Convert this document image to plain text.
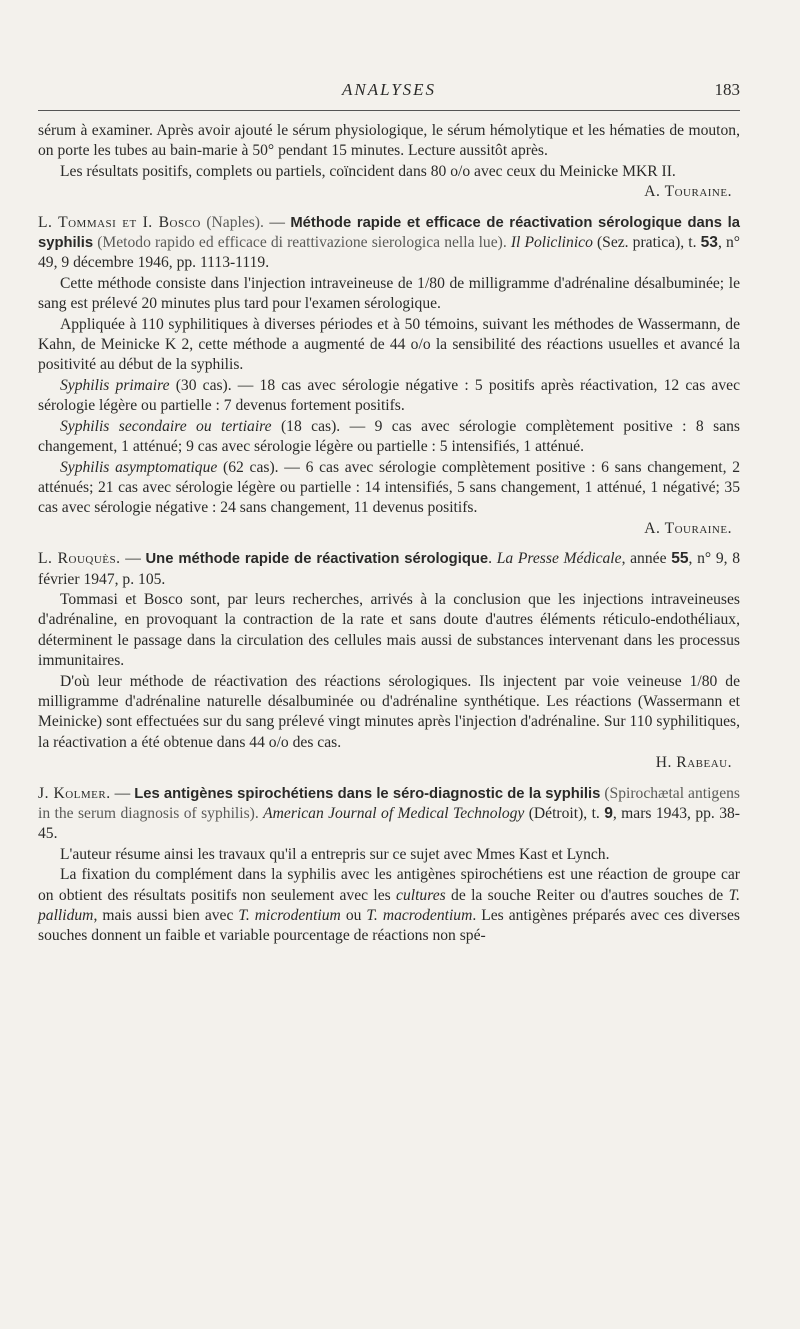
ANALYSES	183

sérum à examiner. Après avoir ajouté le sérum physiologique, le sérum hémolytique et les hématies de mouton, on porte les tubes au bain-marie à 50° pendant 15 minutes. Lecture aussitôt après.

Les résultats positifs, complets ou partiels, coïncident dans 80 o/o avec ceux du Meinicke MKR II.

A. Touraine.

L. Tommasi et I. Bosco (Naples). — Méthode rapide et efficace de réactivation sérologique dans la syphilis (Metodo rapido ed efficace di reattivazione sierologica nella lue). Il Policlinico (Sez. pratica), t. 53, n° 49, 9 décembre 1946, pp. 1113-1119.

Cette méthode consiste dans l'injection intraveineuse de 1/80 de milligramme d'adrénaline désalbuminée; le sang est prélevé 20 minutes plus tard pour l'examen sérologique.

Appliquée à 110 syphilitiques à diverses périodes et à 50 témoins, suivant les méthodes de Wassermann, de Kahn, de Meinicke K 2, cette méthode a augmenté de 44 o/o la sensibilité des réactions usuelles et avancé la positivité au début de la syphilis.

Syphilis primaire (30 cas). — 18 cas avec sérologie négative : 5 positifs après réactivation, 12 cas avec sérologie légère ou partielle : 7 devenus fortement positifs.

Syphilis secondaire ou tertiaire (18 cas). — 9 cas avec sérologie complètement positive : 8 sans changement, 1 atténué; 9 cas avec sérologie légère ou partielle : 5 intensifiés, 1 atténué.

Syphilis asymptomatique (62 cas). — 6 cas avec sérologie complètement positive : 6 sans changement, 2 atténués; 21 cas avec sérologie légère ou partielle : 14 intensifiés, 5 sans changement, 1 atténué, 1 négativé; 35 cas avec sérologie négative : 24 sans changement, 11 devenus positifs.

A. Touraine.

L. Rouquès. — Une méthode rapide de réactivation sérologique. La Presse Médicale, année 55, n° 9, 8 février 1947, p. 105.

Tommasi et Bosco sont, par leurs recherches, arrivés à la conclusion que les injections intraveineuses d'adrénaline, en provoquant la contraction de la rate et sans doute d'autres éléments réticulo-endothéliaux, déterminent le passage dans la circulation des cellules mais aussi de substances intervenant dans les processus immunitaires.

D'où leur méthode de réactivation des réactions sérologiques. Ils injectent par voie veineuse 1/80 de milligramme d'adrénaline naturelle désalbuminée ou d'adrénaline synthétique. Les réactions (Wassermann et Meinicke) sont effectuées sur du sang prélevé vingt minutes après l'injection d'adrénaline. Sur 110 syphilitiques, la réactivation a été obtenue dans 44 o/o des cas.

H. Rabeau.

J. Kolmer. — Les antigènes spirochétiens dans le séro-diagnostic de la syphilis (Spirochætal antigens in the serum diagnosis of syphilis). American Journal of Medical Technology (Détroit), t. 9, mars 1943, pp. 38-45.

L'auteur résume ainsi les travaux qu'il a entrepris sur ce sujet avec Mmes Kast et Lynch.

La fixation du complément dans la syphilis avec les antigènes spirochétiens est une réaction de groupe car on obtient des résultats positifs non seulement avec les cultures de la souche Reiter ou d'autres souches de T. pallidum, mais aussi bien avec T. microdentium ou T. macrodentium. Les antigènes préparés avec ces diverses souches donnent un faible et variable pourcentage de réactions non spé-
